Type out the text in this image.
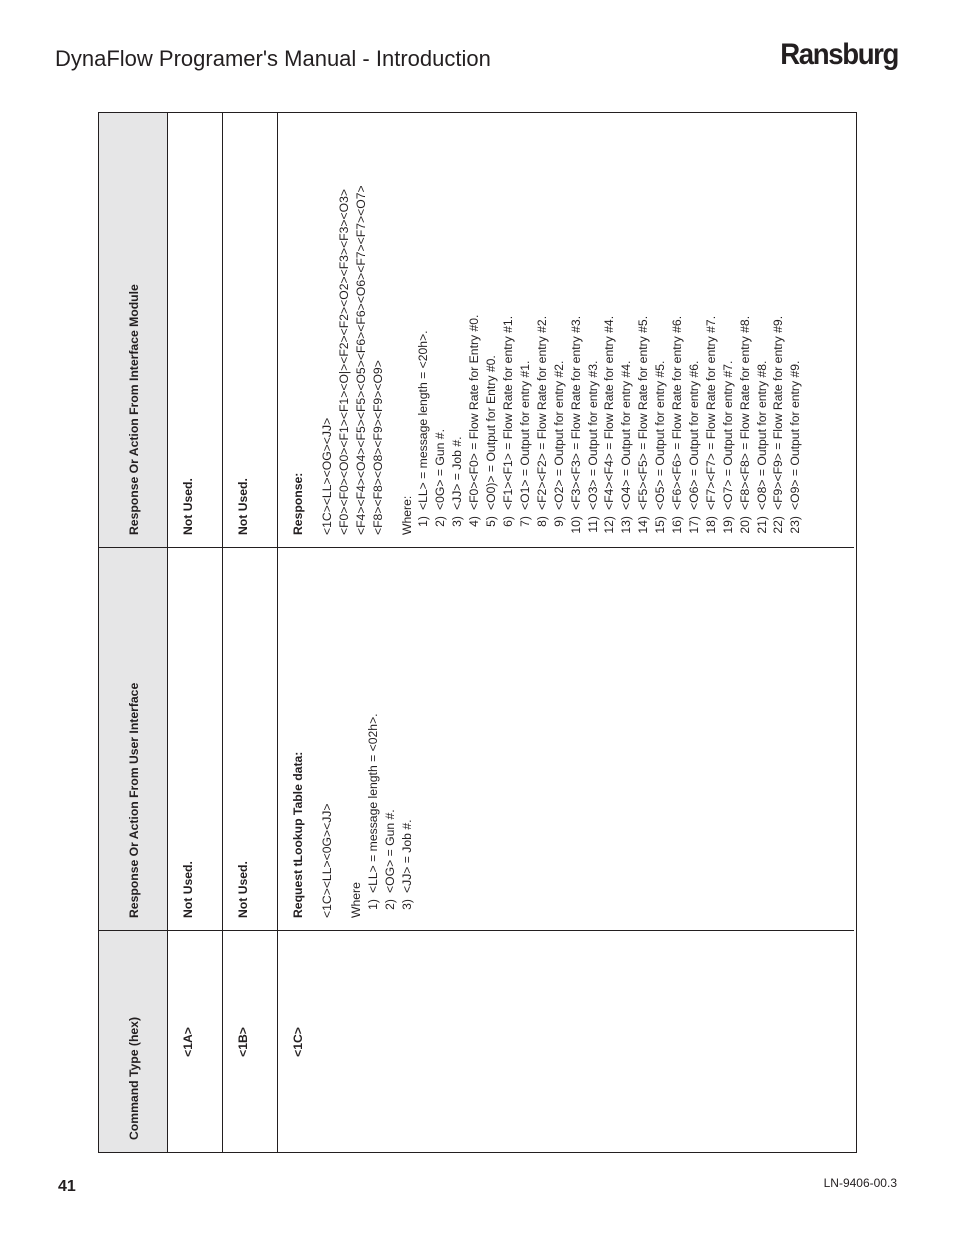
DynaFlow Programer's Manual - Introduction	Ransburg
Command Type (hex)
Response Or Action From User Interface
Response Or Action From Interface Module
<1A>
Not Used.
Not Used.
<1B>
Not Used.
Not Used.
<1C>
Request tLookup Table data: <1C><LL><0G><JJ> Where 1)
<LL> = message length = <02h>.
2)
<OG> = Gun #.
3)
<JJ> = Job #.
Response: <1C><LL><OG><JJ> <F0><F0><O0><F1><F1><O|><F2><F2><O2><F3><F3><O3> <F4><F4><O4><F5><F5><O5><F6><F6><O6><F7><F7><O7> <F8><F8><O8><F9><F9><O9> Where: 1)
<LL> = message length = <20h>.
2)
<0G> = Gun #.
3)
<JJ> = Job #.
4)
<F0><F0> = Flow Rate for Entry #0.
5)
<O0)> = Output for Entry #0.
6)
<F1><F1> = Flow Rate for entry #1.
7)
<O1> = Output for entry #1.
8)
<F2><F2> = Flow Rate for entry #2.
9)
<O2> = Output for entry #2.
10)
<F3><F3> = Flow Rate for entry #3.
11)
<O3> = Output for entry #3.
12)
<F4><F4> = Flow Rate for entry #4.
13)
<O4> = Output for entry #4.
14)
<F5><F5> = Flow Rate for entry #5.
15)
<O5> = Output for entry #5.
16)
<F6><F6> = Flow Rate for entry #6.
17)
<O6> = Output for entry #6.
18)
<F7><F7> = Flow Rate for entry #7.
19)
<O7> = Output for entry #7.
20)
<F8><F8> = Flow Rate for entry #8.
21)
<O8> = Output for entry #8.
22)
<F9><F9> = Flow Rate for entry #9.
23)
<O9> = Output for entry #9.
41	LN-9406-00.3
